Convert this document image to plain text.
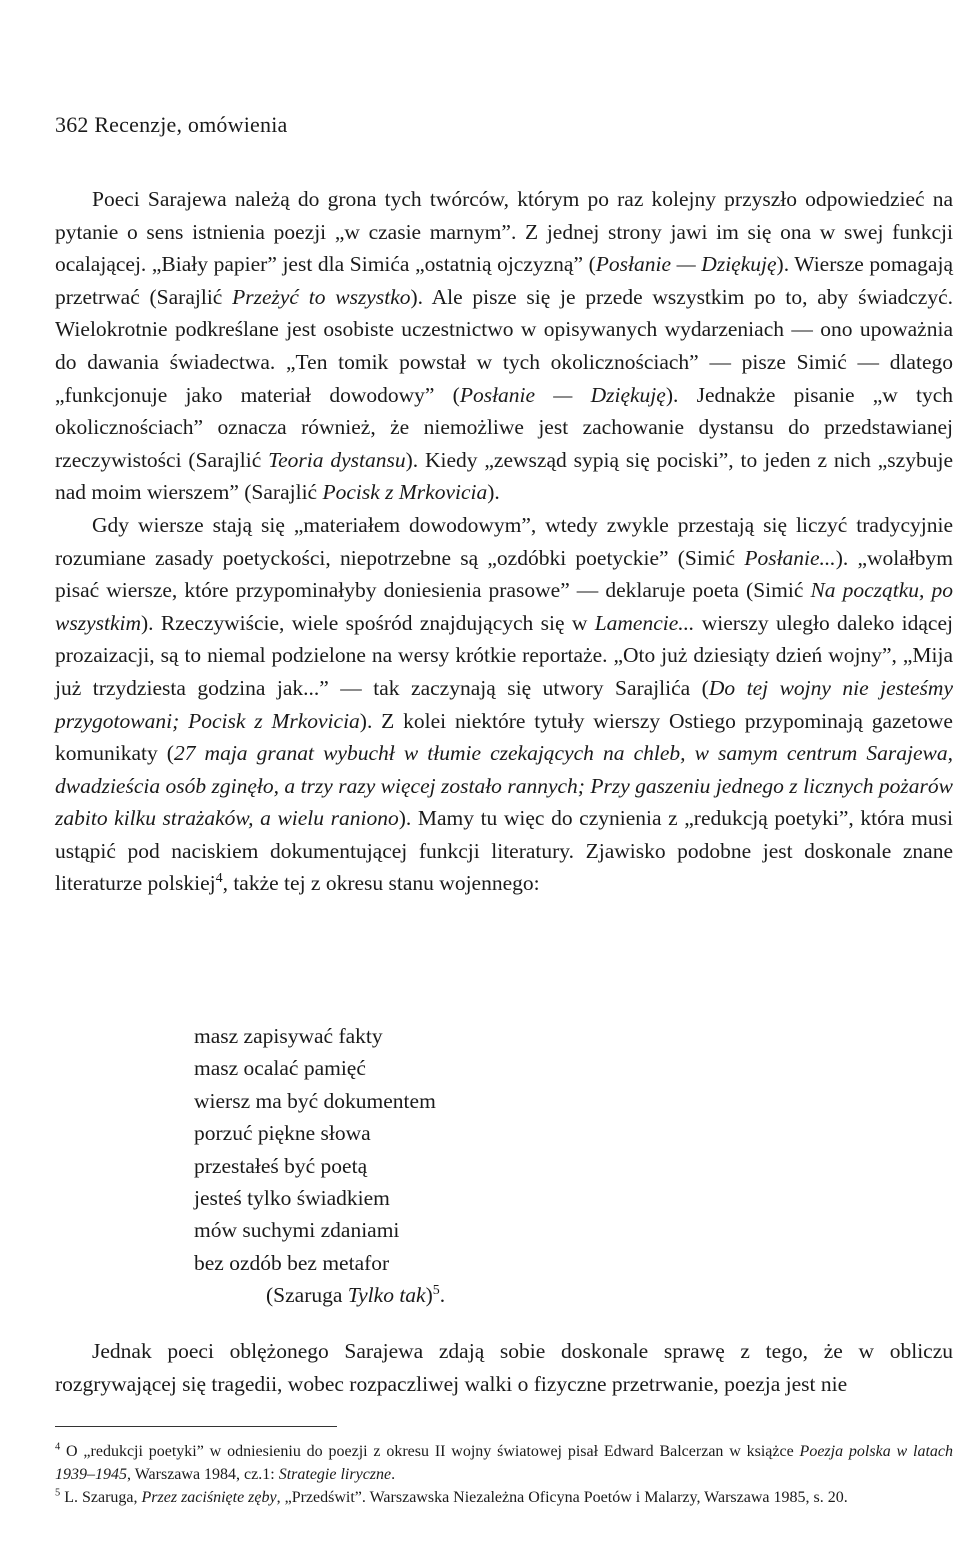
362 Recenzje, omówienia

Poeci Sarajewa należą do grona tych twórców, którym po raz kolejny przyszło odpowiedzieć na pytanie o sens istnienia poezji „w czasie marnym”. Z jednej strony jawi im się ona w swej funkcji ocalającej. „Biały papier” jest dla Simića „ostatnią ojczyzną” (Posłanie — Dziękuję). Wiersze pomagają przetrwać (Sarajlić Przeżyć to wszystko). Ale pisze się je przede wszystkim po to, aby świadczyć. Wielokrotnie podkreślane jest osobiste uczestnictwo w opisywanych wydarzeniach — ono upoważnia do dawania świadectwa. „Ten tomik powstał w tych okolicznościach” — pisze Simić — dlatego „funkcjonuje jako materiał dowodowy” (Posłanie — Dziękuję). Jednakże pisanie „w tych okolicznościach” oznacza również, że niemożliwe jest zachowanie dystansu do przedstawianej rzeczywistości (Sarajlić Teoria dystansu). Kiedy „zewsząd sypią się pociski”, to jeden z nich „szybuje nad moim wierszem” (Sarajlić Pocisk z Mrkovicia).

Gdy wiersze stają się „materiałem dowodowym”, wtedy zwykle przestają się liczyć tradycyjnie rozumiane zasady poetyckości, niepotrzebne są „ozdóbki poetyckie” (Simić Posłanie...). „wolałbym pisać wiersze, które przypominałyby doniesienia prasowe” — deklaruje poeta (Simić Na początku, po wszystkim). Rzeczywiście, wiele spośród znajdujących się w Lamencie... wierszy uległo daleko idącej prozaizacji, są to niemal podzielone na wersy krótkie reportaże. „Oto już dziesiąty dzień wojny”, „Mija już trzydziesta godzina jak...” — tak zaczynają się utwory Sarajlića (Do tej wojny nie jesteśmy przygotowani; Pocisk z Mrkovicia). Z kolei niektóre tytuły wierszy Ostiego przypominają gazetowe komunikaty (27 maja granat wybuchł w tłumie czekających na chleb, w samym centrum Sarajewa, dwadzieścia osób zginęło, a trzy razy więcej zostało rannych; Przy gaszeniu jednego z licznych pożarów zabito kilku strażaków, a wielu raniono). Mamy tu więc do czynienia z „redukcją poetyki”, która musi ustąpić pod naciskiem dokumentującej funkcji literatury. Zjawisko podobne jest doskonale znane literaturze polskiej$^4$, także tej z okresu stanu wojennego:

masz zapisywać fakty
masz ocalać pamięć
wiersz ma być dokumentem
porzuć piękne słowa
przestałeś być poetą
jesteś tylko świadkiem
mów suchymi zdaniami
bez ozdób bez metafor
(Szaruga Tylko tak)$^5$.

Jednak poeci oblężonego Sarajewa zdają sobie doskonale sprawę z tego, że w obliczu rozgrywającej się tragedii, wobec rozpaczliwej walki o fizyczne przetrwanie, poezja jest nie

$^4$ O „redukcji poetyki” w odniesieniu do poezji z okresu II wojny światowej pisał Edward Balcerzan w książce Poezja polska w latach 1939–1945, Warszawa 1984, cz.1: Strategie liryczne.

$^5$ L. Szaruga, Przez zaciśnięte zęby, „Przedświt”. Warszawska Niezależna Oficyna Poetów i Malarzy, Warszawa 1985, s. 20.
